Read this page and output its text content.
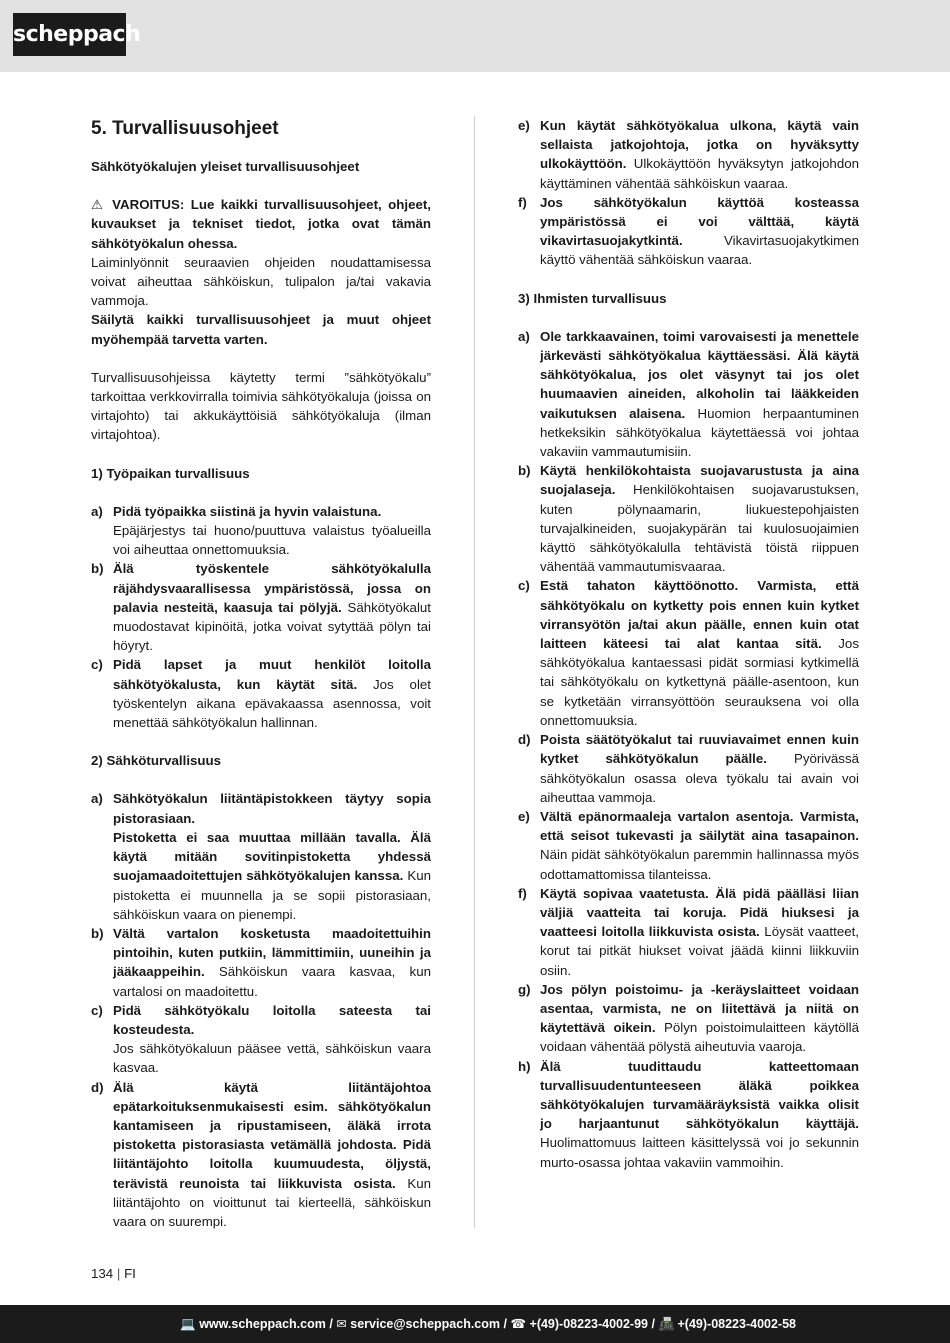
scheppach
5. Turvallisuusohjeet
Sähkötyökalujen yleiset turvallisuusohjeet
⚠ VAROITUS: Lue kaikki turvallisuusohjeet, ohjeet, kuvaukset ja tekniset tiedot, jotka ovat tämän sähkötyökalun ohessa.
Laiminlyönnit seuraavien ohjeiden noudattamisessa voivat aiheuttaa sähköiskun, tulipalon ja/tai vakavia vammoja.
Säilytä kaikki turvallisuusohjeet ja muut ohjeet myöhempää tarvetta varten.
Turvallisuusohjeissa käytetty termi ”sähkötyökalu” tarkoittaa verkkovirralla toimivia sähkötyökaluja (joissa on virtajohto) tai akkukäyttöisiä sähkötyökaluja (ilman virtajohtoa).
1) Työpaikan turvallisuus
a) Pidä työpaikka siistinä ja hyvin valaistuna.
Epäjärjestys tai huono/puuttuva valaistus työalueilla voi aiheuttaa onnettomuuksia.
b) Älä työskentele sähkötyökalulla räjähdysvaarallisessa ympäristössä, jossa on palavia nesteitä, kaasuja tai pölyjä. Sähkötyökalut muodostavat kipinöitä, jotka voivat sytyttää pölyn tai höyryt.
c) Pidä lapset ja muut henkilöt loitolla sähkötyökalusta, kun käytät sitä. Jos olet työskentelyn aikana epävakaassa asennossa, voit menettää sähkötyökalun hallinnan.
2) Sähköturvallisuus
a) Sähkötyökalun liitäntäpistokkeen täytyy sopia pistorasiaan.
Pistoketta ei saa muuttaa millään tavalla. Älä käytä mitään sovitinpistoketta yhdessä suojamaadoitettujen sähkötyökalujen kanssa. Kun pistoketta ei muunnella ja se sopii pistorasiaan, sähköiskun vaara on pienempi.
b) Vältä vartalon kosketusta maadoitettuihin pintoihin, kuten putkiin, lämmittimiin, uuneihin ja jääkaappeihin. Sähköiskun vaara kasvaa, kun vartalosi on maadoitettu.
c) Pidä sähkötyökalu loitolla sateesta tai kosteudesta.
Jos sähkötyökaluun pääsee vettä, sähköiskun vaara kasvaa.
d) Älä käytä liitäntäjohtoa epätarkoituksenmukaisesti esim. sähkötyökalun kantamiseen ja ripustamiseen, äläkä irrota pistoketta pistorasiasta vetämällä johdosta. Pidä liitäntäjohto loitolla kuumuudesta, öljystä, terävistä reunoista tai liikkuvista osista. Kun liitäntäjohto on vioittunut tai kierteellä, sähköiskun vaara on suurempi.
e) Kun käytät sähkötyökalua ulkona, käytä vain sellaista jatkojohtoja, jotka on hyväksytty ulkokäyttöön. Ulkokäyttöön hyväksytyn jatkojohdon käyttäminen vähentää sähköiskun vaaraa.
f) Jos sähkötyökalun käyttöä kosteassa ympäristössä ei voi välttää, käytä vikavirtasuojakytkintä.	Vikavirtasuojakytkimen käyttö vähentää sähköiskun vaaraa.
3) Ihmisten turvallisuus
a) Ole tarkkaavainen, toimi varovaisesti ja menettele järkevästi sähkötyökalua käyttäessäsi. Älä käytä sähkötyökalua, jos olet väsynyt tai jos olet huumaavien aineiden, alkoholin tai lääkkeiden vaikutuksen alaisena. Huomion herpaantuminen hetkeksikin sähkötyökalua käytettäessä voi johtaa vakaviin vammautumisiin.
b) Käytä henkilökohtaista suojavarustusta ja aina suojalaseja. Henkilökohtaisen suojavarustuksen, kuten pölynaamarin, liukuestepohjaisten turvajalkineiden, suojakypärän tai kuulosuojaimien käyttö sähkötyökalulla tehtävistä töistä riippuen vähentää vammautumisvaaraa.
c) Estä tahaton käyttöönotto. Varmista, että sähkötyökalu on kytketty pois ennen kuin kytket virransyötön ja/tai akun päälle, ennen kuin otat laitteen käteesi tai alat kantaa sitä. Jos sähkötyökalua kantaessasi pidät sormiasi kytkimellä tai sähkötyökalu on kytkettynä päälle-asentoon, kun se kytketään virransyöttöön seurauksena voi olla onnettomuuksia.
d) Poista säätötyökalut tai ruuviavaimet ennen kuin kytket sähkötyökalun päälle. Pyörivässä sähkötyökalun osassa oleva työkalu tai avain voi aiheuttaa vammoja.
e) Vältä epänormaaleja vartalon asentoja. Varmista, että seisot tukevasti ja säilytät aina tasapainon. Näin pidät sähkötyökalun paremmin hallinnassa myös odottamattomissa tilanteissa.
f) Käytä sopivaa vaatetusta. Älä pidä päälläsi liian väljiä vaatteita tai koruja. Pidä hiuksesi ja vaatteesi loitolla liikkuvista osista. Löysät vaatteet, korut tai pitkät hiukset voivat jäädä kiinni liikkuviin osiin.
g) Jos pölyn poistoimu- ja -keräyslaitteet voidaan asentaa, varmista, ne on liitettävä ja niitä on käytettävä oikein. Pölyn poistoimulaitteen käytöllä voidaan vähentää pölystä aiheutuvia vaaroja.
h) Älä tuudittaudu katteettomaan turvallisuudentunteeseen äläkä poikkea sähkötyökalujen turvamääräyksistä vaikka olisit jo harjaantunut sähkötyökalun käyttäjä. Huolimattomuus laitteen käsittelyssä voi jo sekunnin murto-osassa johtaa vakaviin vammoihin.
134 | FI
💻 www.scheppach.com / ✉ service@scheppach.com / ☎ +(49)-08223-4002-99 / 📠 +(49)-08223-4002-58
